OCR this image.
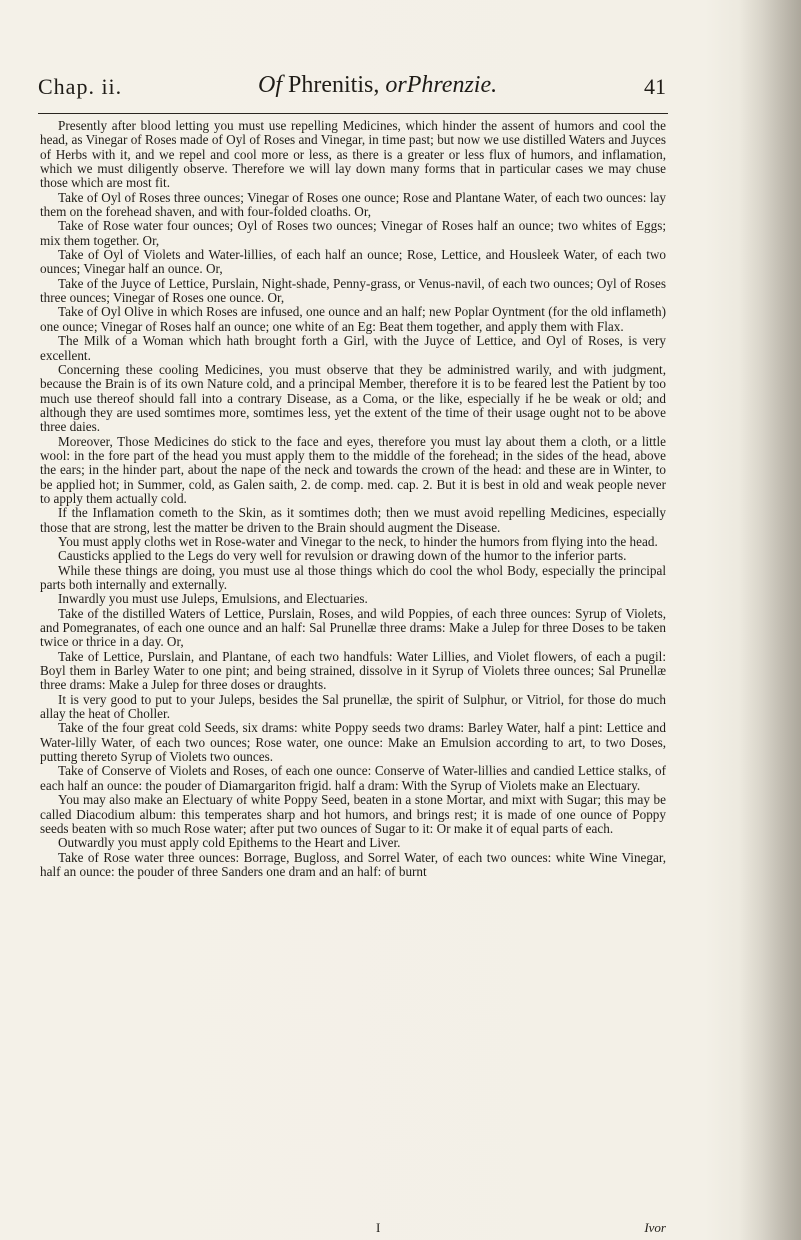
Chap. ii.	Of Phrenitis, orPhrenzie.	41

Presently after blood letting you must use repelling Medicines, which hinder the assent of humors and cool the head, as Vinegar of Roses made of Oyl of Roses and Vinegar, in time past; but now we use distilled Waters and Juyces of Herbs with it, and we repel and cool more or less, as there is a greater or less flux of humors, and inflamation, which we must diligently observe. Therefore we will lay down many forms that in particular cases we may chuse those which are most fit.

Take of Oyl of Roses three ounces; Vinegar of Roses one ounce; Rose and Plantane Water, of each two ounces: lay them on the forehead shaven, and with four-folded cloaths. Or,

Take of Rose water four ounces; Oyl of Roses two ounces; Vinegar of Roses half an ounce; two whites of Eggs; mix them together. Or,

Take of Oyl of Violets and Water-lillies, of each half an ounce; Rose, Lettice, and Housleek Water, of each two ounces; Vinegar half an ounce. Or,

Take of the Juyce of Lettice, Purslain, Night-shade, Penny-grass, or Venus-navil, of each two ounces; Oyl of Roses three ounces; Vinegar of Roses one ounce. Or,

Take of Oyl Olive in which Roses are infused, one ounce and an half; new Poplar Oyntment (for the old inflameth) one ounce; Vinegar of Roses half an ounce; one white of an Eg: Beat them together, and apply them with Flax.

The Milk of a Woman which hath brought forth a Girl, with the Juyce of Lettice, and Oyl of Roses, is very excellent.

Concerning these cooling Medicines, you must observe that they be administred warily, and with judgment, because the Brain is of its own Nature cold, and a principal Member, therefore it is to be feared lest the Patient by too much use thereof should fall into a contrary Disease, as a Coma, or the like, especially if he be weak or old; and although they are used somtimes more, somtimes less, yet the extent of the time of their usage ought not to be above three daies.

Moreover, Those Medicines do stick to the face and eyes, therefore you must lay about them a cloth, or a little wool: in the fore part of the head you must apply them to the middle of the forehead; in the sides of the head, above the ears; in the hinder part, about the nape of the neck and towards the crown of the head: and these are in Winter, to be applied hot; in Summer, cold, as Galen saith, 2. de comp. med. cap. 2. But it is best in old and weak people never to apply them actually cold.

If the Inflamation cometh to the Skin, as it somtimes doth; then we must avoid repelling Medicines, especially those that are strong, lest the matter be driven to the Brain should augment the Disease.

You must apply cloths wet in Rose-water and Vinegar to the neck, to hinder the humors from flying into the head.

Causticks applied to the Legs do very well for revulsion or drawing down of the humor to the inferior parts.

While these things are doing, you must use al those things which do cool the whol Body, especially the principal parts both internally and externally.

Inwardly you must use Juleps, Emulsions, and Electuaries.

Take of the distilled Waters of Lettice, Purslain, Roses, and wild Poppies, of each three ounces: Syrup of Violets, and Pomegranates, of each one ounce and an half: Sal Prunellæ three drams: Make a Julep for three Doses to be taken twice or thrice in a day. Or,

Take of Lettice, Purslain, and Plantane, of each two handfuls: Water Lillies, and Violet flowers, of each a pugil: Boyl them in Barley Water to one pint; and being strained, dissolve in it Syrup of Violets three ounces; Sal Prunellæ three drams: Make a Julep for three doses or draughts.

It is very good to put to your Juleps, besides the Sal prunellæ, the spirit of Sulphur, or Vitriol, for those do much allay the heat of Choller.

Take of the four great cold Seeds, six drams: white Poppy seeds two drams: Barley Water, half a pint: Lettice and Water-lilly Water, of each two ounces; Rose water, one ounce: Make an Emulsion according to art, to two Doses, putting thereto Syrup of Violets two ounces.

Take of Conserve of Violets and Roses, of each one ounce: Conserve of Water-lillies and candied Lettice stalks, of each half an ounce: the pouder of Diamargariton frigid. half a dram: With the Syrup of Violets make an Electuary.

You may also make an Electuary of white Poppy Seed, beaten in a stone Mortar, and mixt with Sugar; this may be called Diacodium album: this temperates sharp and hot humors, and brings rest; it is made of one ounce of Poppy seeds beaten with so much Rose water; after put two ounces of Sugar to it: Or make it of equal parts of each.

Outwardly you must apply cold Epithems to the Heart and Liver.

Take of Rose water three ounces: Borrage, Bugloss, and Sorrel Water, of each two ounces: white Wine Vinegar, half an ounce: the pouder of three Sanders one dram and an half: of burnt

I	Ivor
